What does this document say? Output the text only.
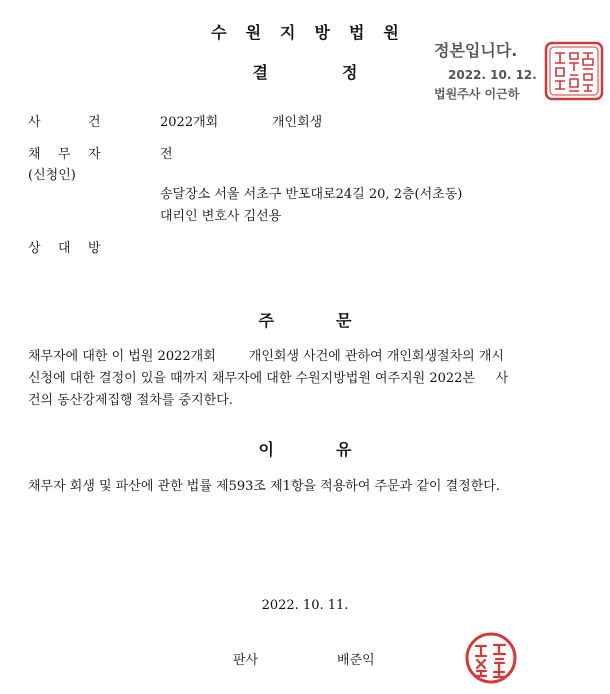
수원지방법원
결	정
정본입니다.
2022. 10. 12.
법원주사 이근하
사	건	2022개회	개인회생
채 무 자	전
(신청인)
송달장소 서울 서초구 반포대로24길 20, 2층(서초동)
대리인 변호사 김선용
상 대 방
주	문
채무자에 대한 이 법원 2022개회        개인회생 사건에 관하여 개인회생절차의 개시
신청에 대한 결정이 있을 때까지 채무자에 대한 수원지방법원 여주지원 2022본     사
건의 동산강제집행 절차를 중지한다.
이	유
채무자 회생 및 파산에 관한 법률 제593조 제1항을 적용하여 주문과 같이 결정한다.
2022. 10. 11.
판사	배준익
